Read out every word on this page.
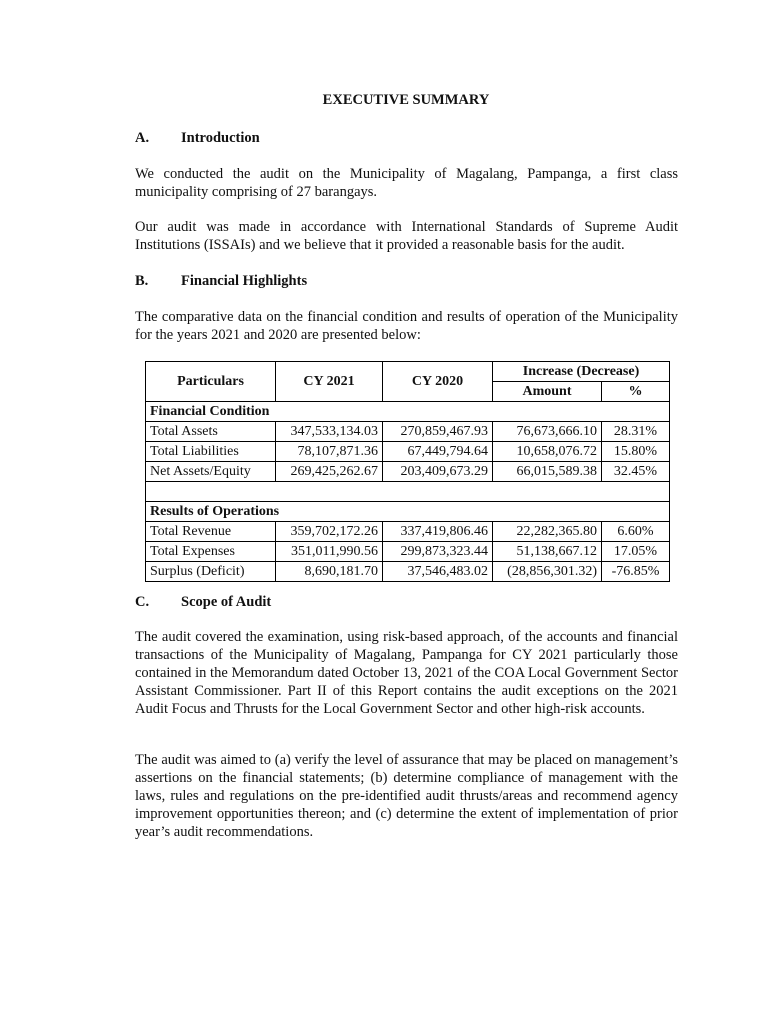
EXECUTIVE SUMMARY
A. Introduction

We conducted the audit on the Municipality of Magalang, Pampanga, a first class municipality comprising of 27 barangays.

Our audit was made in accordance with International Standards of Supreme Audit Institutions (ISSAIs) and we believe that it provided a reasonable basis for the audit.

B. Financial Highlights

The comparative data on the financial condition and results of operation of the Municipality for the years 2021 and 2020 are presented below:

Particulars	CY 2021	CY 2020	Increase (Decrease)	
			Amount	%
Financial Condition				
Total Assets	347,533,134.03	270,859,467.93	76,673,666.10	28.31%
Total Liabilities	78,107,871.36	67,449,794.64	10,658,076.72	15.80%
Net Assets/Equity	269,425,262.67	203,409,673.29	66,015,589.38	32.45%

Results of Operations				
Total Revenue	359,702,172.26	337,419,806.46	22,282,365.80	6.60%
Total Expenses	351,011,990.56	299,873,323.44	51,138,667.12	17.05%
Surplus (Deficit)	8,690,181.70	37,546,483.02	(28,856,301.32)	-76.85%
C. Scope of Audit

The audit covered the examination, using risk-based approach, of the accounts and financial transactions of the Municipality of Magalang, Pampanga for CY 2021 particularly those contained in the Memorandum dated October 13, 2021 of the COA Local Government Sector Assistant Commissioner. Part II of this Report contains the audit exceptions on the 2021 Audit Focus and Thrusts for the Local Government Sector and other high-risk accounts.

The audit was aimed to (a) verify the level of assurance that may be placed on management’s assertions on the financial statements; (b) determine compliance of management with the laws, rules and regulations on the pre-identified audit thrusts/areas and recommend agency improvement opportunities thereon; and (c) determine the extent of implementation of prior year’s audit recommendations.
